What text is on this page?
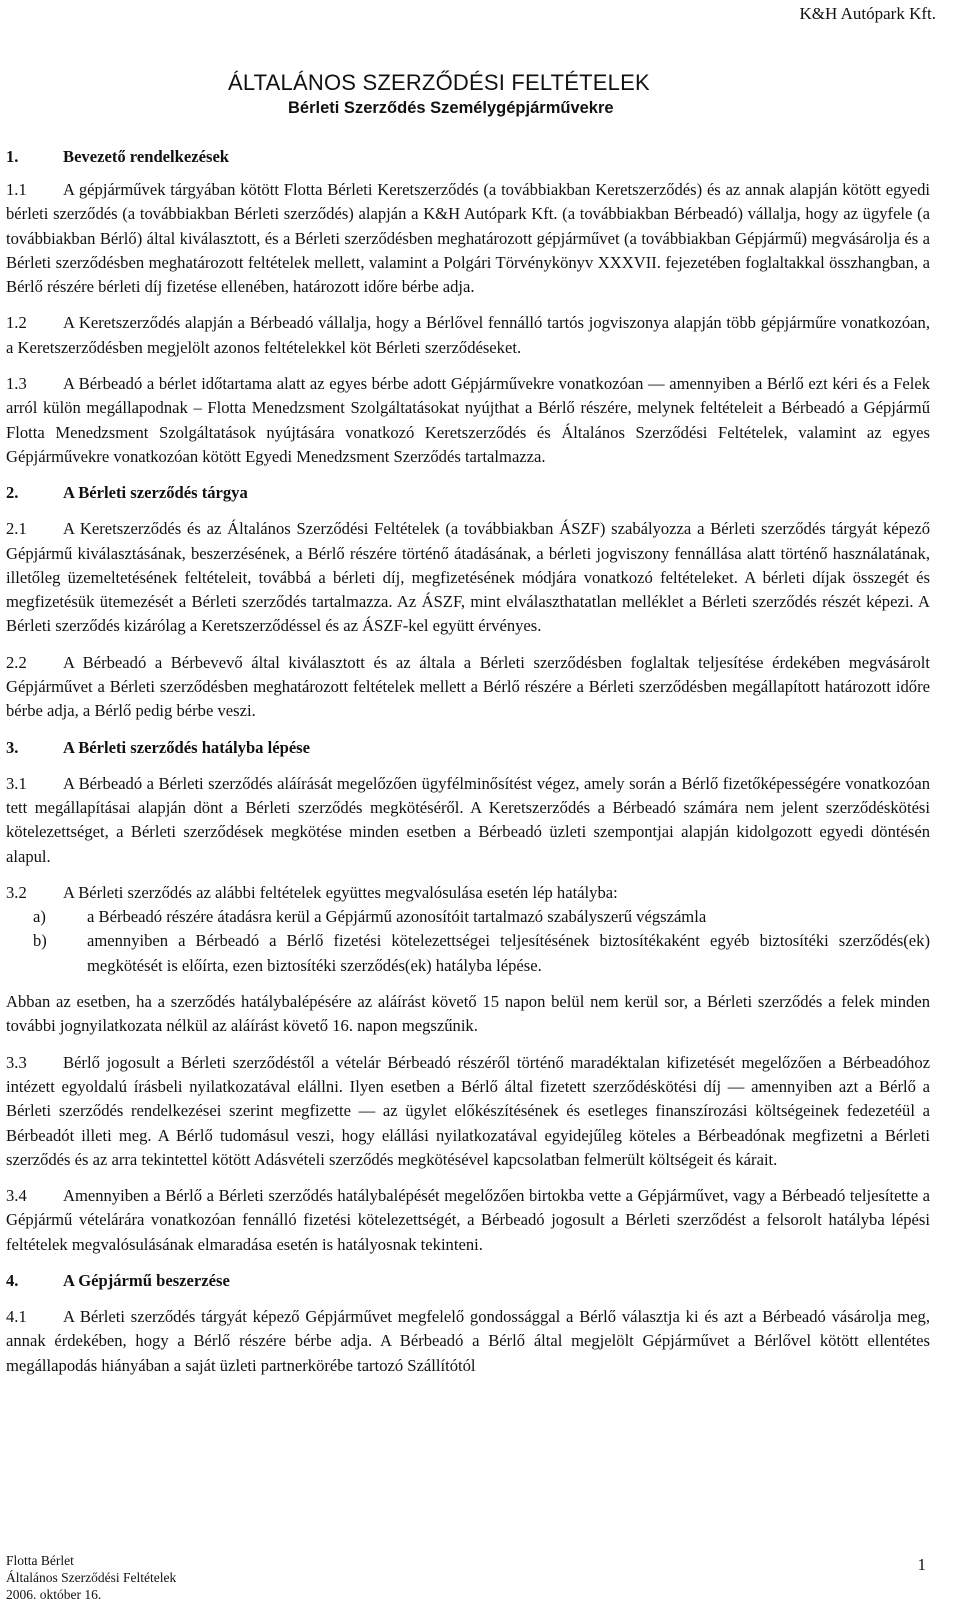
K&H Autópark Kft.
ÁLTALÁNOS SZERZŐDÉSI FELTÉTELEK
Bérleti Szerződés Személygépjárművekre
1.	Bevezető rendelkezések

1.1 A gépjárművek tárgyában kötött Flotta Bérleti Keretszerződés (a továbbiakban Keretszerződés) és az annak alapján kötött egyedi bérleti szerződés (a továbbiakban Bérleti szerződés) alapján a K&H Autópark Kft. (a továbbiakban Bérbeadó) vállalja, hogy az ügyfele (a továbbiakban Bérlő) által kiválasztott, és a Bérleti szerződésben meghatározott gépjárművet (a továbbiakban Gépjármű) megvásárolja és a Bérleti szerződésben meghatározott feltételek mellett, valamint a Polgári Törvénykönyv XXXVII. fejezetében foglaltakkal összhangban, a Bérlő részére bérleti díj fizetése ellenében, határozott időre bérbe adja.

1.2 A Keretszerződés alapján a Bérbeadó vállalja, hogy a Bérlővel fennálló tartós jogviszonya alapján több gépjárműre vonatkozóan, a Keretszerződésben megjelölt azonos feltételekkel köt Bérleti szerződéseket.

1.3 A Bérbeadó a bérlet időtartama alatt az egyes bérbe adott Gépjárművekre vonatkozóan — amennyiben a Bérlő ezt kéri és a Felek arról külön megállapodnak – Flotta Menedzsment Szolgáltatásokat nyújthat a Bérlő részére, melynek feltételeit a Bérbeadó a Gépjármű Flotta Menedzsment Szolgáltatások nyújtására vonatkozó Keretszerződés és Általános Szerződési Feltételek, valamint az egyes Gépjárművekre vonatkozóan kötött Egyedi Menedzsment Szerződés tartalmazza.

2.	A Bérleti szerződés tárgya

2.1 A Keretszerződés és az Általános Szerződési Feltételek (a továbbiakban ÁSZF) szabályozza a Bérleti szerződés tárgyát képező Gépjármű kiválasztásának, beszerzésének, a Bérlő részére történő átadásának, a bérleti jogviszony fennállása alatt történő használatának, illetőleg üzemeltetésének feltételeit, továbbá a bérleti díj, megfizetésének módjára vonatkozó feltételeket. A bérleti díjak összegét és megfizetésük ütemezését a Bérleti szerződés tartalmazza. Az ÁSZF, mint elválaszthatatlan melléklet a Bérleti szerződés részét képezi. A Bérleti szerződés kizárólag a Keretszerződéssel és az ÁSZF-kel együtt érvényes.

2.2 A Bérbeadó a Bérbevevő által kiválasztott és az általa a Bérleti szerződésben foglaltak teljesítése érdekében megvásárolt Gépjárművet a Bérleti szerződésben meghatározott feltételek mellett a Bérlő részére a Bérleti szerződésben megállapított határozott időre bérbe adja, a Bérlő pedig bérbe veszi.

3.	A Bérleti szerződés hatályba lépése

3.1 A Bérbeadó a Bérleti szerződés aláírását megelőzően ügyfélminősítést végez, amely során a Bérlő fizetőképességére vonatkozóan tett megállapításai alapján dönt a Bérleti szerződés megkötéséről. A Keretszerződés a Bérbeadó számára nem jelent szerződéskötési kötelezettséget, a Bérleti szerződések megkötése minden esetben a Bérbeadó üzleti szempontjai alapján kidolgozott egyedi döntésén alapul.

3.2 A Bérleti szerződés az alábbi feltételek együttes megvalósulása esetén lép hatályba:

a)	a Bérbeadó részére átadásra kerül a Gépjármű azonosítóit tartalmazó szabályszerű végszámla
b)	amennyiben a Bérbeadó a Bérlő fizetési kötelezettségei teljesítésének biztosítékaként egyéb biztosítéki szerződés(ek) megkötését is előírta, ezen biztosítéki szerződés(ek) hatályba lépése.

Abban az esetben, ha a szerződés hatálybalépésére az aláírást követő 15 napon belül nem kerül sor, a Bérleti szerződés a felek minden további jognyilatkozata nélkül az aláírást követő 16. napon megszűnik.

3.3 Bérlő jogosult a Bérleti szerződéstől a vételár Bérbeadó részéről történő maradéktalan kifizetését megelőzően a Bérbeadóhoz intézett egyoldalú írásbeli nyilatkozatával elállni. Ilyen esetben a Bérlő által fizetett szerződéskötési díj — amennyiben azt a Bérlő a Bérleti szerződés rendelkezései szerint megfizette — az ügylet előkészítésének és esetleges finanszírozási költségeinek fedezetéül a Bérbeadót illeti meg. A Bérlő tudomásul veszi, hogy elállási nyilatkozatával egyidejűleg köteles a Bérbeadónak megfizetni a Bérleti szerződés és az arra tekintettel kötött Adásvételi szerződés megkötésével kapcsolatban felmerült költségeit és kárait.

3.4 Amennyiben a Bérlő a Bérleti szerződés hatálybalépését megelőzően birtokba vette a Gépjárművet, vagy a Bérbeadó teljesítette a Gépjármű vételárára vonatkozóan fennálló fizetési kötelezettségét, a Bérbeadó jogosult a Bérleti szerződést a felsorolt hatályba lépési feltételek megvalósulásának elmaradása esetén is hatályosnak tekinteni.

4.	A Gépjármű beszerzése

4.1 A Bérleti szerződés tárgyát képező Gépjárművet megfelelő gondossággal a Bérlő választja ki és azt a Bérbeadó vásárolja meg, annak érdekében, hogy a Bérlő részére bérbe adja. A Bérbeadó a Bérlő által megjelölt Gépjárművet a Bérlővel kötött ellentétes megállapodás hiányában a saját üzleti partnerkörébe tartozó Szállítótól

Flotta Bérlet
Általános Szerződési Feltételek
2006. október 16.
1
